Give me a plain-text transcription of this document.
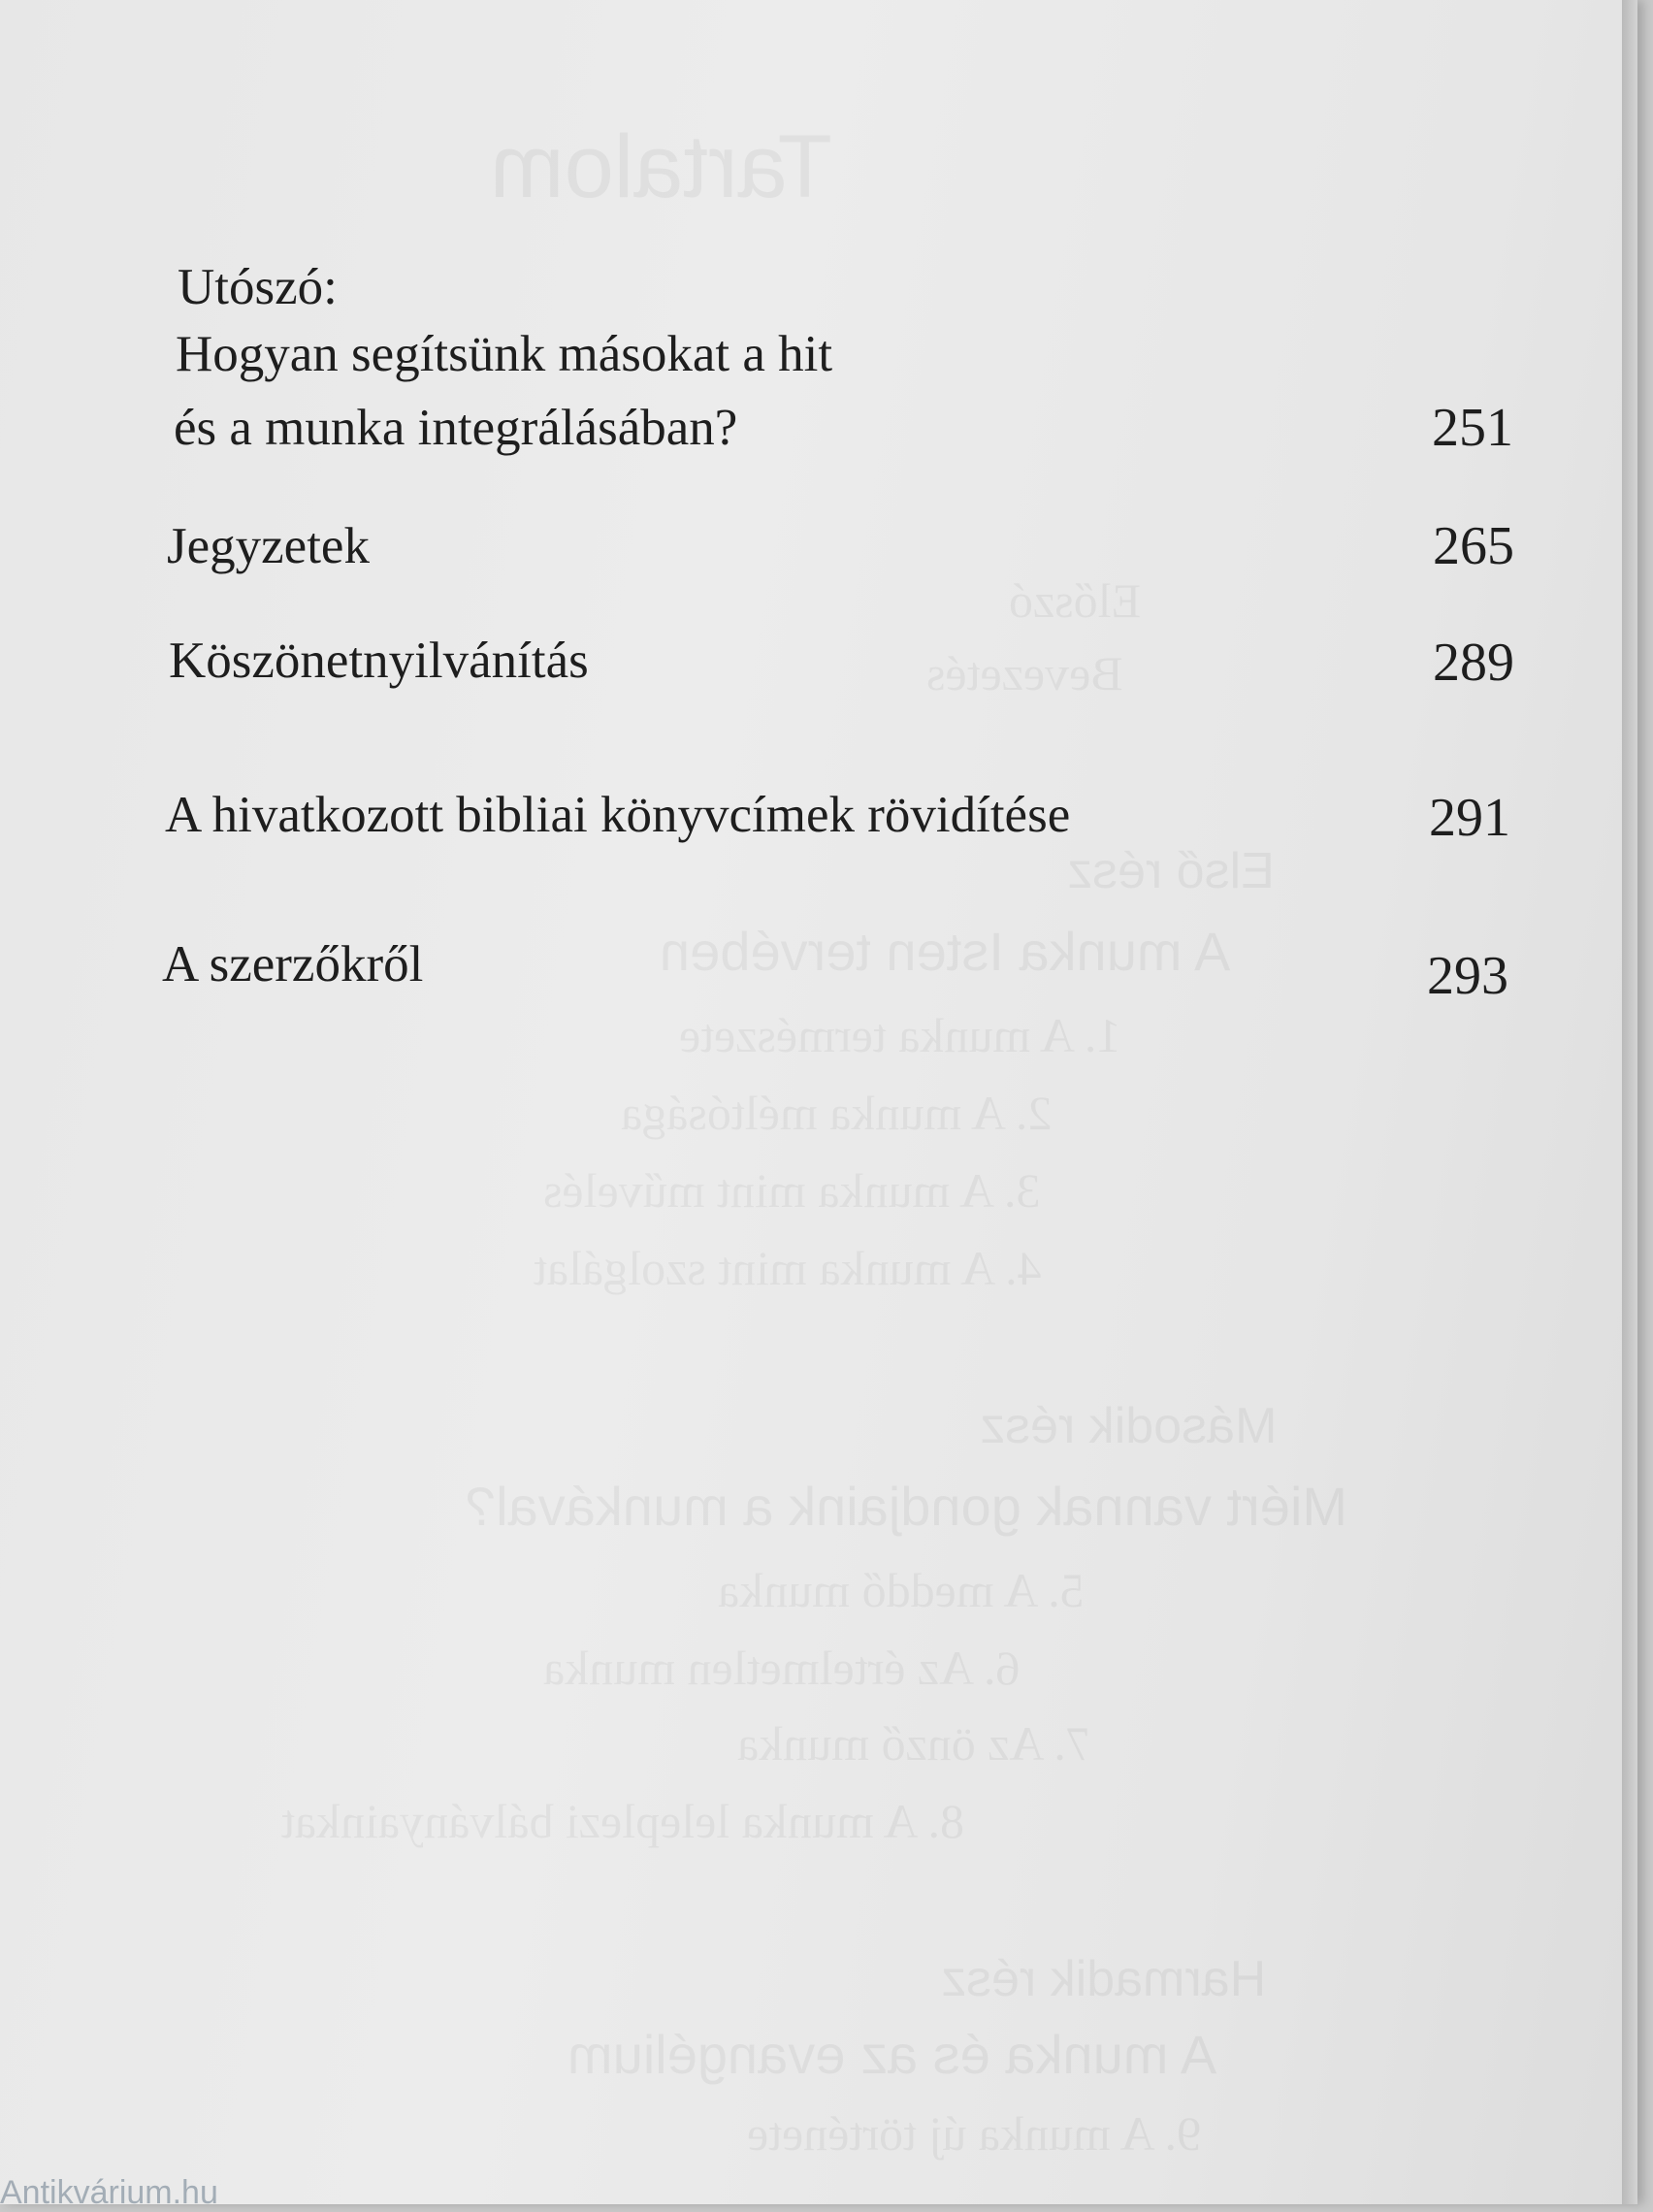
Tartalom
Előszó
Bevezetés
Első rész
A munka Isten tervében
1. A munka természete
2. A munka méltósága
3. A munka mint művelés
4. A munka mint szolgálat
Második rész
Miért vannak gondjaink a munkával?
5. A meddő munka
6. Az értelmetlen munka
7. Az önző munka
8. A munka leleplezi bálványainkat
Harmadik rész
A munka és az evangélium
9. A munka új története
Utószó:
Hogyan segítsünk másokat a hit
és a munka integrálásában?	251
Jegyzetek	265
Köszönetnyilvánítás	289
A hivatkozott bibliai könyvcímek rövidítése	291
A szerzőkről	293
Antikvárium.hu
